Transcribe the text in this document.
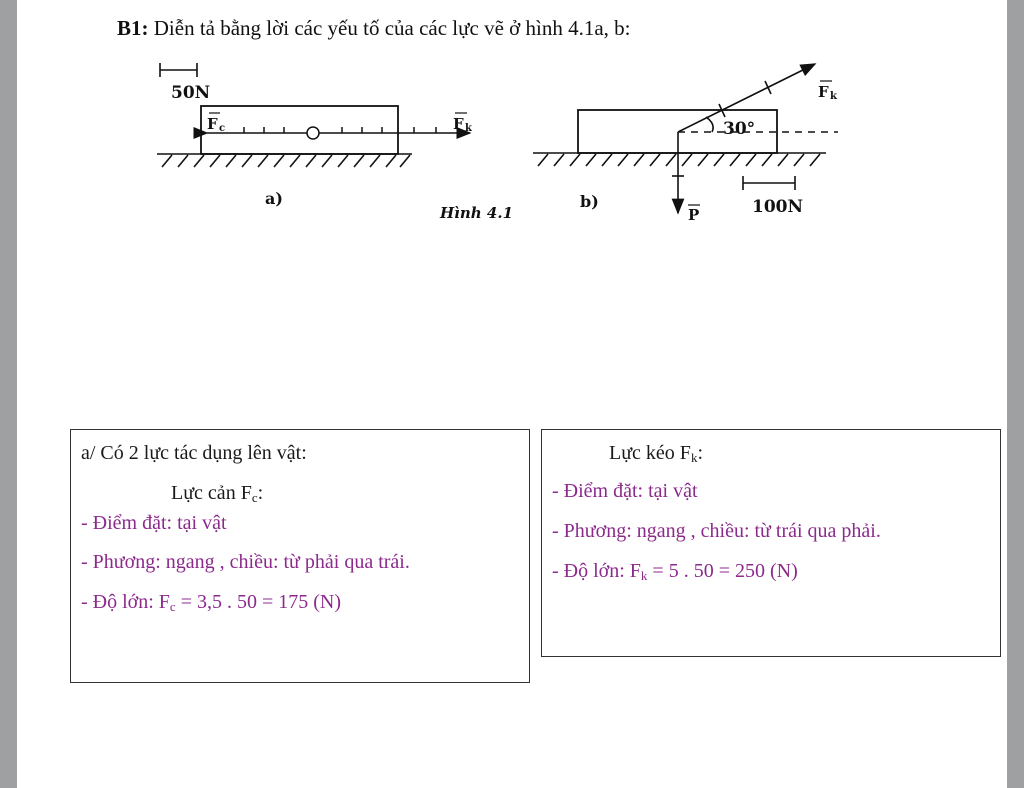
B1: Diễn tả bằng lời các yếu tố của các lực vẽ ở hình 4.1a, b:
50N
F c	F k
a)
Hình 4.1
30°
F k
P	100N
b)
a/ Có 2 lực tác dụng lên vật:
Lực cản $F_c$:
- Điểm đặt: tại vật
- Phương: ngang , chiều: từ phải qua trái.
- Độ lớn: $F_c = 3,5$ . 50 = 175 (N)
Lực kéo $F_k$:
- Điểm đặt: tại vật
- Phương: ngang , chiều: từ trái qua phải.
- Độ lớn: $F_k = 5$ . 50 = 250 (N)
